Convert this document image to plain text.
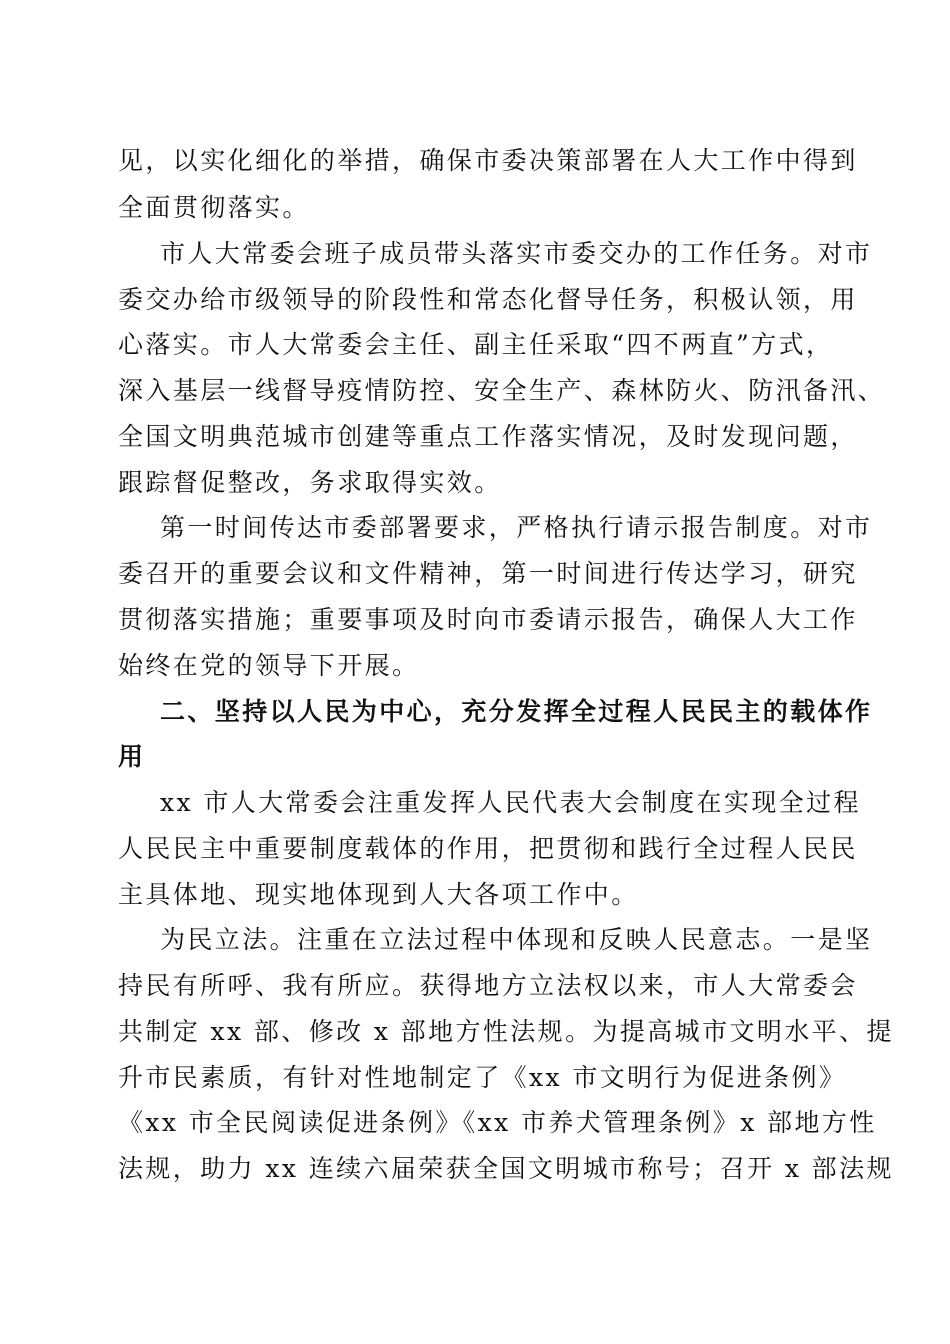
见，以实化细化的举措，确保市委决策部署在人大工作中得到

全面贯彻落实。

市人大常委会班子成员带头落实市委交办的工作任务。对市

委交办给市级领导的阶段性和常态化督导任务，积极认领，用

心落实。市人大常委会主任、副主任采取“四不两直”方式，

深入基层一线督导疫情防控、安全生产、森林防火、防汛备汛、

全国文明典范城市创建等重点工作落实情况，及时发现问题，

跟踪督促整改，务求取得实效。

第一时间传达市委部署要求，严格执行请示报告制度。对市

委召开的重要会议和文件精神，第一时间进行传达学习，研究

贯彻落实措施；重要事项及时向市委请示报告，确保人大工作

始终在党的领导下开展。

二、坚持以人民为中心，充分发挥全过程人民民主的载体作

用

xx 市人大常委会注重发挥人民代表大会制度在实现全过程

人民民主中重要制度载体的作用，把贯彻和践行全过程人民民

主具体地、现实地体现到人大各项工作中。

为民立法。注重在立法过程中体现和反映人民意志。一是坚

持民有所呼、我有所应。获得地方立法权以来，市人大常委会

共制定 xx 部、修改 x 部地方性法规。为提高城市文明水平、提

升市民素质，有针对性地制定了《xx 市文明行为促进条例》

《xx 市全民阅读促进条例》《xx 市养犬管理条例》x 部地方性

法规，助力 xx 连续六届荣获全国文明城市称号；召开 x 部法规
